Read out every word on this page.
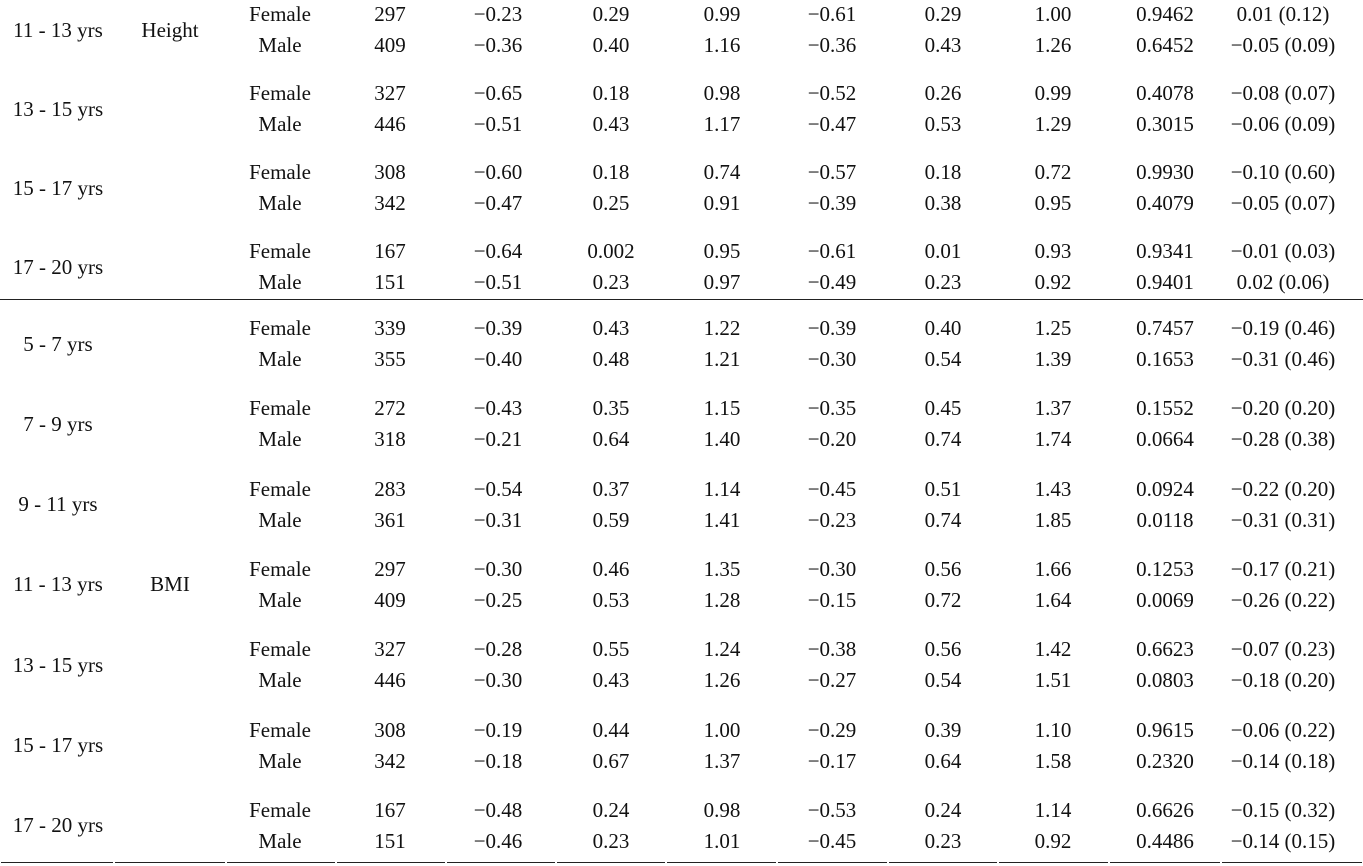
11 - 13 yrs Height
Female	297	−0.23	0.29	0.99	−0.61	0.29	1.00	0.9462 0.01 (0.12)
Male	409	−0.36	0.40	1.16	−0.36	0.43	1.26	0.6452 −0.05 (0.09)
13 - 15 yrs
Female	327	−0.65	0.18	0.98	−0.52	0.26	0.99	0.4078 −0.08 (0.07)
Male	446	−0.51	0.43	1.17	−0.47	0.53	1.29	0.3015 −0.06 (0.09)
15 - 17 yrs
Female	308	−0.60	0.18	0.74	−0.57	0.18	0.72	0.9930 −0.10 (0.60)
Male	342	−0.47	0.25	0.91	−0.39	0.38	0.95	0.4079 −0.05 (0.07)
17 - 20 yrs
Female	167	−0.64	0.002	0.95	−0.61	0.01	0.93	0.9341 −0.01 (0.03)
Male	151	−0.51	0.23	0.97	−0.49	0.23	0.92	0.9401 0.02 (0.06)
5 - 7 yrs
Female	339	−0.39	0.43	1.22	−0.39	0.40	1.25	0.7457 −0.19 (0.46)
Male	355	−0.40	0.48	1.21	−0.30	0.54	1.39	0.1653 −0.31 (0.46)
7 - 9 yrs
Female	272	−0.43	0.35	1.15	−0.35	0.45	1.37	0.1552 −0.20 (0.20)
Male	318	−0.21	0.64	1.40	−0.20	0.74	1.74	0.0664 −0.28 (0.38)
9 - 11 yrs
Female	283	−0.54	0.37	1.14	−0.45	0.51	1.43	0.0924 −0.22 (0.20)
Male	361	−0.31	0.59	1.41	−0.23	0.74	1.85	0.0118 −0.31 (0.31)
11 - 13 yrs BMI
Female	297	−0.30	0.46	1.35	−0.30	0.56	1.66	0.1253 −0.17 (0.21)
Male	409	−0.25	0.53	1.28	−0.15	0.72	1.64	0.0069 −0.26 (0.22)
13 - 15 yrs
Female	327	−0.28	0.55	1.24	−0.38	0.56	1.42	0.6623 −0.07 (0.23)
Male	446	−0.30	0.43	1.26	−0.27	0.54	1.51	0.0803 −0.18 (0.20)
15 - 17 yrs
Female	308	−0.19	0.44	1.00	−0.29	0.39	1.10	0.9615 −0.06 (0.22)
Male	342	−0.18	0.67	1.37	−0.17	0.64	1.58	0.2320 −0.14 (0.18)
17 - 20 yrs
Female	167	−0.48	0.24	0.98	−0.53	0.24	1.14	0.6626 −0.15 (0.32)
Male	151	−0.46	0.23	1.01	−0.45	0.23	0.92	0.4486 −0.14 (0.15)
